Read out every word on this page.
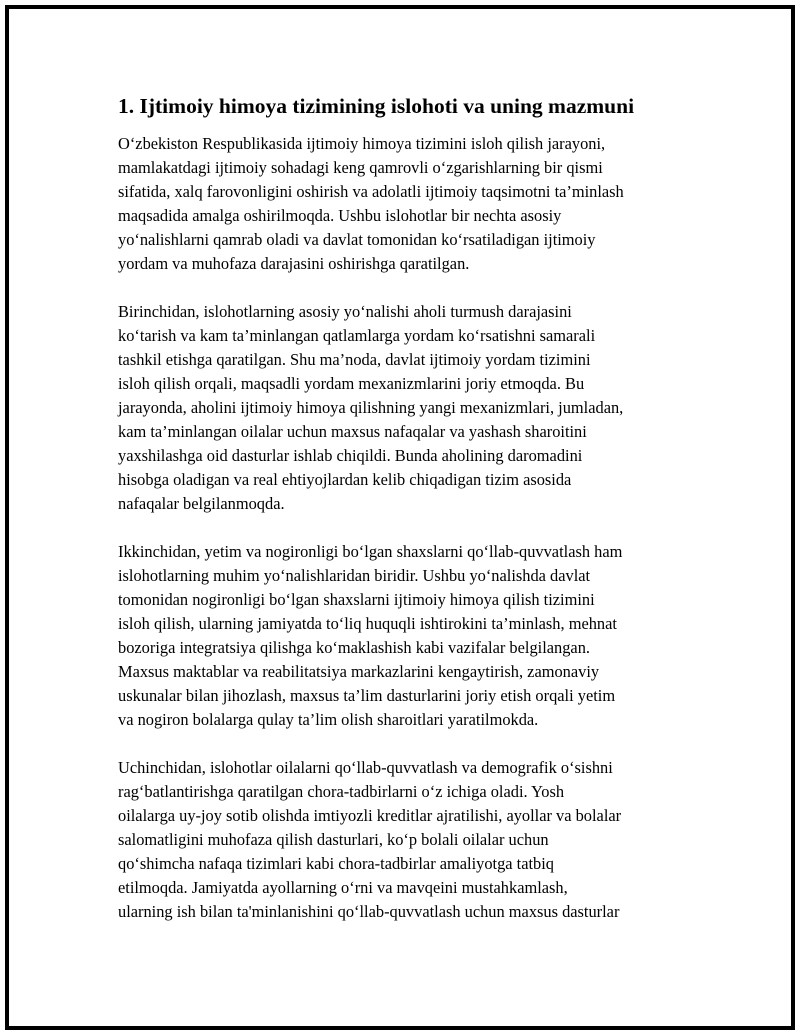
1. Ijtimoiy himoya tizimining islohoti va uning mazmuni

O‘zbekiston Respublikasida ijtimoiy himoya tizimini isloh qilish jarayoni,
mamlakatdagi ijtimoiy sohadagi keng qamrovli o‘zgarishlarning bir qismi
sifatida, xalq farovonligini oshirish va adolatli ijtimoiy taqsimotni ta’minlash
maqsadida amalga oshirilmoqda. Ushbu islohotlar bir nechta asosiy
yo‘nalishlarni qamrab oladi va davlat tomonidan ko‘rsatiladigan ijtimoiy
yordam va muhofaza darajasini oshirishga qaratilgan.

Birinchidan, islohotlarning asosiy yo‘nalishi aholi turmush darajasini
ko‘tarish va kam ta’minlangan qatlamlarga yordam ko‘rsatishni samarali
tashkil etishga qaratilgan. Shu ma’noda, davlat ijtimoiy yordam tizimini
isloh qilish orqali, maqsadli yordam mexanizmlarini joriy etmoqda. Bu
jarayonda, aholini ijtimoiy himoya qilishning yangi mexanizmlari, jumladan,
kam ta’minlangan oilalar uchun maxsus nafaqalar va yashash sharoitini
yaxshilashga oid dasturlar ishlab chiqildi. Bunda aholining daromadini
hisobga oladigan va real ehtiyojlardan kelib chiqadigan tizim asosida
nafaqalar belgilanmoqda.

Ikkinchidan, yetim va nogironligi bo‘lgan shaxslarni qo‘llab-quvvatlash ham
islohotlarning muhim yo‘nalishlaridan biridir. Ushbu yo‘nalishda davlat
tomonidan nogironligi bo‘lgan shaxslarni ijtimoiy himoya qilish tizimini
isloh qilish, ularning jamiyatda to‘liq huquqli ishtirokini ta’minlash, mehnat
bozoriga integratsiya qilishga ko‘maklashish kabi vazifalar belgilangan.
Maxsus maktablar va reabilitatsiya markazlarini kengaytirish, zamonaviy
uskunalar bilan jihozlash, maxsus ta’lim dasturlarini joriy etish orqali yetim
va nogiron bolalarga qulay ta’lim olish sharoitlari yaratilmokda.

Uchinchidan, islohotlar oilalarni qo‘llab-quvvatlash va demografik o‘sishni
rag‘batlantirishga qaratilgan chora-tadbirlarni o‘z ichiga oladi. Yosh
oilalarga uy-joy sotib olishda imtiyozli kreditlar ajratilishi, ayollar va bolalar
salomatligini muhofaza qilish dasturlari, ko‘p bolali oilalar uchun
qo‘shimcha nafaqa tizimlari kabi chora-tadbirlar amaliyotga tatbiq
etilmoqda. Jamiyatda ayollarning o‘rni va mavqeini mustahkamlash,
ularning ish bilan ta'minlanishini qo‘llab-quvvatlash uchun maxsus dasturlar
